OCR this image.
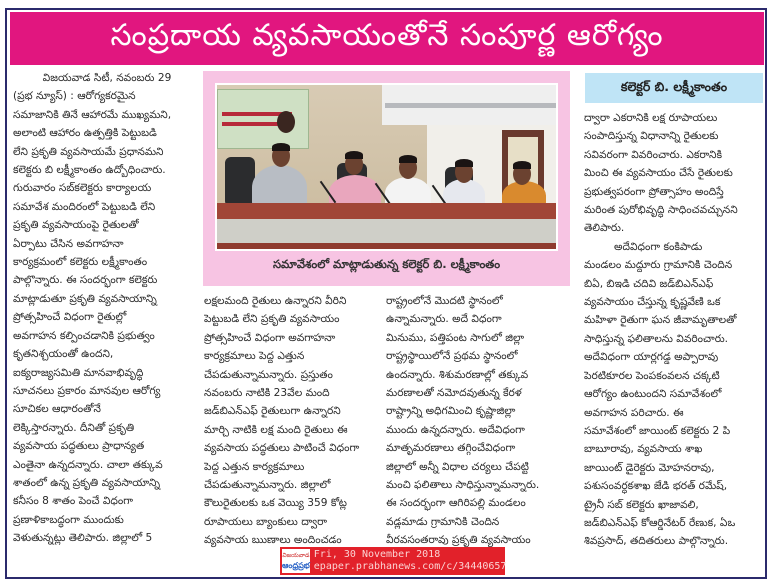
సంప్రదాయ వ్యవసాయంతోనే సంపూర్ణ ఆరోగ్యం

విజయవాడ సిటీ, నవంబరు 29

(ప్రభ న్యూస్) : ఆరోగ్యకరమైన

సమాజానికి తినే ఆహారమే ముఖ్యమని,

అలాంటి ఆహారం ఉత్పత్తికి పెట్టుబడి

లేని ప్రకృతి వ్యవసాయమే ప్రధానమని

కలెక్టరు బి లక్ష్మీకాంతం ఉద్బోధించారు.

గురువారం సబ్‌కలెక్టరు కార్యాలయ

సమావేశ మందిరంలో పెట్టుబడి లేని

ప్రకృతి వ్యవసాయంపై రైతులతో

ఏర్పాటు చేసిన అవగాహనా

కార్యక్రమంలో కలెక్టరు లక్ష్మీకాంతం

పాల్గొన్నారు. ఈ సందర్భంగా కలెక్టరు

మాట్లాడుతూ ప్రకృతి వ్యవసాయాన్ని

ప్రోత్సహించే విధంగా రైతుల్లో

అవగాహన కల్పించడానికి ప్రభుత్వం

కృతనిశ్చయంతో ఉందని,

ఐక్యరాజ్యసమితి మానవాభివృద్ధి

సూచనలు ప్రకారం మానవుల ఆరోగ్య

సూచికల ఆధారంతోనే

లెక్కిస్తారన్నారు. దీనితో ప్రకృతి

వ్యవసాయ పద్ధతులు ప్రాధాన్యత

ఎంతైనా ఉన్నదన్నారు. చాలా తక్కువ

శాతంలో ఉన్న ప్రకృతి వ్యవసాయాన్ని

కనీసం 8 శాతం పెంచే విధంగా

ప్రణాళికాబద్ధంగా ముందుకు

వెళుతున్నట్లు తెలిపారు. జిల్లాలో 5

సమావేశంలో మాట్లాడుతున్న కలెక్టర్ బి. లక్ష్మీకాంతం

లక్షలమంది రైతులు ఉన్నారని వీరిని

పెట్టుబడి లేని ప్రకృతి వ్యవసాయం

ప్రోత్సహించే విధంగా అవగాహనా

కార్యక్రమాలు పెద్ద ఎత్తున

చేపడుతున్నామన్నారు. ప్రస్తుతం

నవంబరు నాటికి 23వేల మంది

జడ్‌బిఎన్‌ఎఫ్ రైతులుగా ఉన్నారని

మార్చి నాటికి లక్ష మంది రైతులు ఈ

వ్యవసాయ పద్ధతులు పాటించే విధంగా

పెద్ద ఎత్తున కార్యక్రమాలు

చేపడుతున్నామన్నారు. జిల్లాలో

కౌలురైతులకు ఒక వెయ్యి 359 కోట్ల

రూపాయలు బ్యాంకులు ద్వారా

వ్యవసాయ ఋణాలు అందించడం

రాష్ట్రంలోనే మొదటి స్థానంలో

ఉన్నామన్నారు. అదే విధంగా

మినుము, పత్తిపంట సాగులో జిల్లా

రాష్ట్రస్థాయిలోనే ప్రథమ స్థానంలో

ఉందన్నారు. శిశుమరణాల్లో తక్కువ

మరణాలతో నమోదవుతున్న కేరళ

రాష్ట్రాన్ని అధిగమించి కృష్ణాజిల్లా

ముందు ఉన్నదన్నారు. అదేవిధంగా

మాతృమరణాలు తగ్గించేవిధంగా

జిల్లాలో అన్నీ విధాల చర్యలు చేపట్టి

మంచి ఫలితాలు సాధిస్తున్నామన్నారు.

ఈ సందర్భంగా ఆగిరిపల్లి మండలం

వడ్లమాడు గ్రామానికి చెందిన

వీరవసంతరావు ప్రకృతి వ్యవసాయం

కలెక్టర్ బి. లక్ష్మీకాంతం

ద్వారా ఎకరానికి లక్ష రూపాయలు

సంపాదిస్తున్న విధానాన్ని రైతులకు

సవివరంగా వివరించారు. ఎకరానికి

మించి ఈ వ్యవసాయం చేసే రైతులకు

ప్రభుత్వపరంగా ప్రోత్సాహం అందిస్తే

మరింత పురోభివృద్ధి సాధించవచ్చునని

తెలిపారు.

అదేవిధంగా కంకిపాడు

మండలం మద్దూరు గ్రామానికి చెందిన

బిఏ, బిఇడి చదివి జడ్‌బిఎన్‌ఎఫ్

వ్యవసాయం చేస్తున్న కృష్ణవేణి ఒక

మహిళా రైతుగా ఘన జీవామృతాలతో

సాధిస్తున్న ఫలితాలను వివరించారు.

అదేవిధంగా యార్లగడ్డ అప్పారావు

పెరటికూరల పెంపకంవలన చక్కటి

ఆరోగ్యం ఉంటుందని సమావేశంలో

అవగాహన పరిచారు. ఈ

సమావేశంలో జాయింట్ కలెక్టరు 2 పి

బాబూరావు, వ్యవసాయ శాఖ

జాయింట్ డైరెక్టరు మోహనరావు,

పశుసంవర్ధకశాఖ జేడి భరత్ రమేష్,

ట్రైనీ సబ్ కలెక్టరు ఖాజావలి,

జడ్‌బిఎన్‌ఎఫ్ కోఆర్డినేటర్ రేణుక, ఏఒ

శివప్రసాద్, తదితరులు పాల్గొన్నారు.

విజయవాడ
ఆంధ్రప్రభ
Fri, 30 November 2018
epaper.prabhanews.com/c/34440657
